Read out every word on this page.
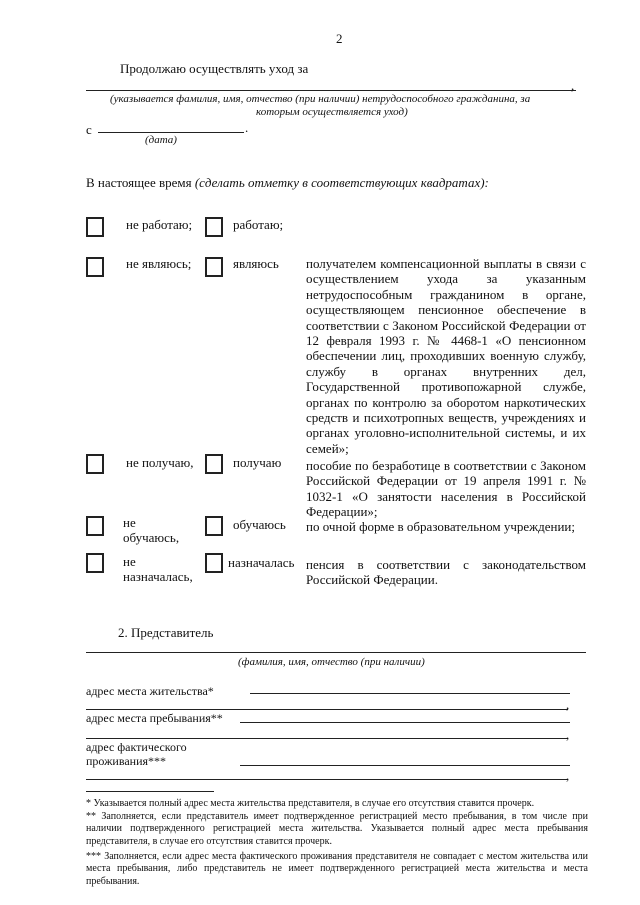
2
Продолжаю осуществлять уход за
,
(указывается фамилия, имя, отчество (при наличии) нетрудоспособного гражданина, за
которым осуществляется уход)
с	.
(дата)
В настоящее время (сделать отметку в соответствующих квадратах):
не работаю;	работаю;
не являюсь;	являюсь получателем компенсационной выплаты в связи с осуществлением ухода за указанным нетрудоспособным гражданином в органе, осуществляющем пенсионное обеспечение в соответствии с Законом Российской Федерации от 12 февраля 1993 г. № 4468-1 «О пенсионном обеспечении лиц, проходивших военную службу, службу в органах внутренних дел, Государственной противопожарной службе, органах по контролю за оборотом наркотических средств и психотропных веществ, учреждениях и органах уголовно-исполнительной системы, и их семей»;
не получаю,	получаю пособие по безработице в соответствии с Законом Российской Федерации от 19 апреля 1991 г. № 1032-1 «О занятости населения в Российской Федерации»;
не
обучаюсь,
обучаюсь по очной форме в образовательном учреждении;
не
назначалась,
назначалась пенсия в соответствии с законодательством Российской Федерации.
2. Представитель
(фамилия, имя, отчество (при наличии)
адрес места жительства*
,
адрес места пребывания**
,
адрес фактического
проживания***
,
* Указывается полный адрес места жительства представителя, в случае его отсутствия ставится прочерк.
** Заполняется, если представитель имеет подтвержденное регистрацией место пребывания, в том числе при наличии подтвержденного регистрацией места жительства. Указывается полный адрес места пребывания представителя, в случае его отсутствия ставится прочерк.
*** Заполняется, если адрес места фактического проживания представителя не совпадает с местом жительства или места пребывания, либо представитель не имеет подтвержденного регистрацией места жительства и места пребывания.
